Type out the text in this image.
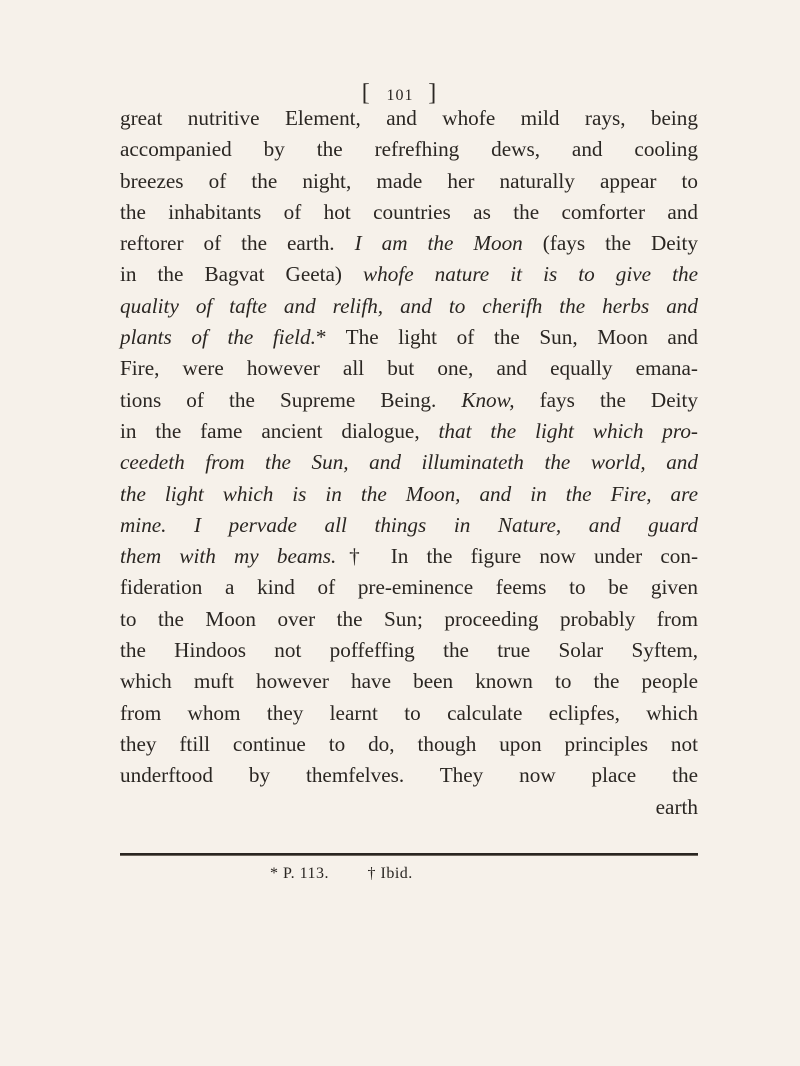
[ 101 ]
great nutritive Element, and whofe mild rays, being
accompanied by the refrefhing dews, and cooling
breezes of the night, made her naturally appear to
the inhabitants of hot countries as the comforter and
reftorer of the earth. I am the Moon (fays the Deity
in the Bagvat Geeta) whofe nature it is to give the
quality of tafte and relifh, and to cherifh the herbs and
plants of the field.* The light of the Sun, Moon and
Fire, were however all but one, and equally emana-
tions of the Supreme Being. Know, fays the Deity
in the fame ancient dialogue, that the light which pro-
ceedeth from the Sun, and illuminateth the world, and
the light which is in the Moon, and in the Fire, are
mine. I pervade all things in Nature, and guard
them with my beams.† In the figure now under con-
fideration a kind of pre-eminence feems to be given
to the Moon over the Sun; proceeding probably from
the Hindoos not poffeffing the true Solar Syftem,
which muft however have been known to the people
from whom they learnt to calculate eclipfes, which
they ftill continue to do, though upon principles not
underftood by themfelves. They now place the
earth
* P. 113. † Ibid.
